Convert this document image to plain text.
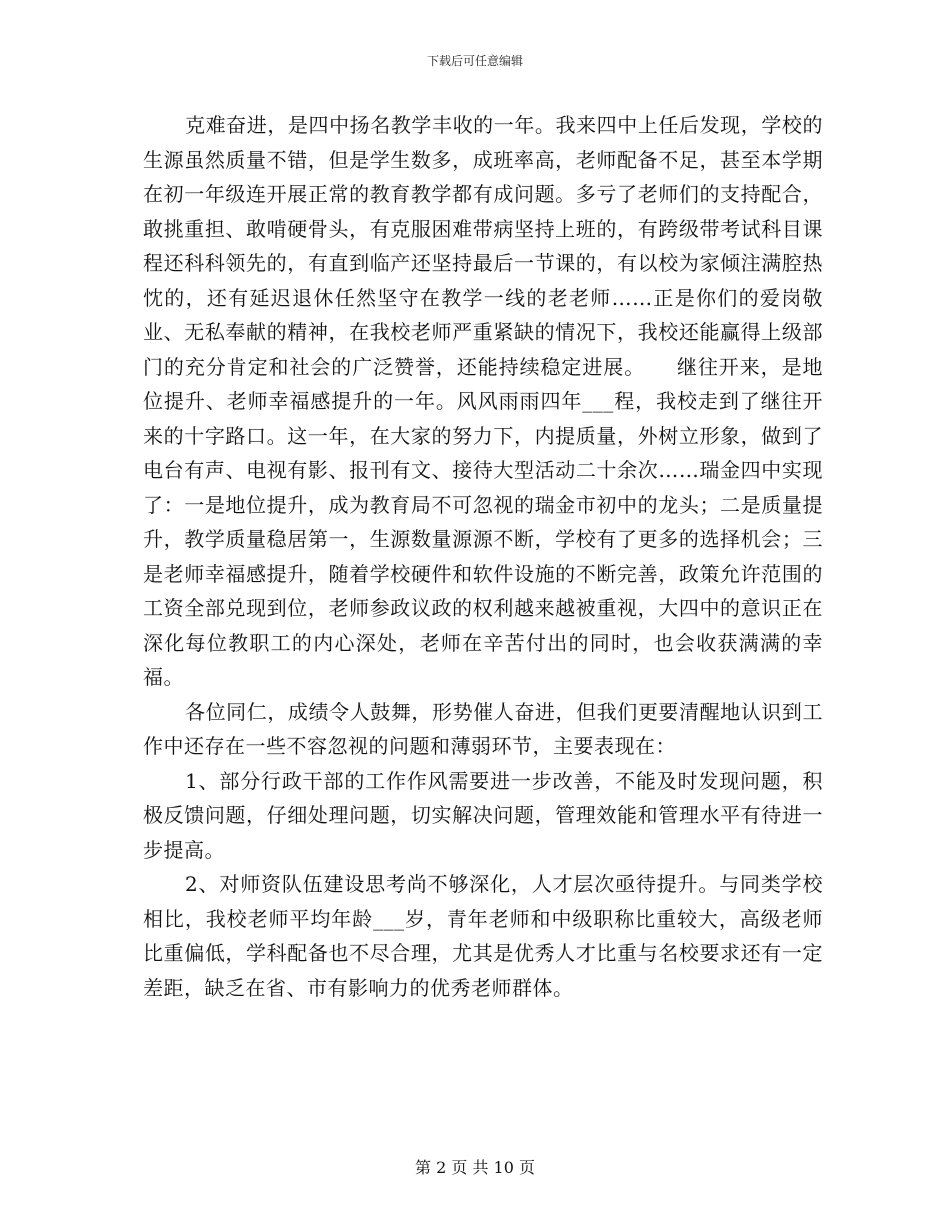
下载后可任意编辑

克难奋进，是四中扬名教学丰收的一年。我来四中上任后发现，学校的生源虽然质量不错，但是学生数多，成班率高，老师配备不足，甚至本学期在初一年级连开展正常的教育教学都有成问题。多亏了老师们的支持配合，敢挑重担、敢啃硬骨头，有克服困难带病坚持上班的，有跨级带考试科目课程还科科领先的，有直到临产还坚持最后一节课的，有以校为家倾注满腔热忱的，还有延迟退休任然坚守在教学一线的老老师……正是你们的爱岗敬业、无私奉献的精神，在我校老师严重紧缺的情况下，我校还能赢得上级部门的充分肯定和社会的广泛赞誉，还能持续稳定进展。　　继往开来，是地位提升、老师幸福感提升的一年。风风雨雨四年___程，我校走到了继往开来的十字路口。这一年，在大家的努力下，内提质量，外树立形象，做到了电台有声、电视有影、报刊有文、接待大型活动二十余次……瑞金四中实现了：一是地位提升，成为教育局不可忽视的瑞金市初中的龙头；二是质量提升，教学质量稳居第一，生源数量源源不断，学校有了更多的选择机会；三是老师幸福感提升，随着学校硬件和软件设施的不断完善，政策允许范围的工资全部兑现到位，老师参政议政的权利越来越被重视，大四中的意识正在深化每位教职工的内心深处，老师在辛苦付出的同时，也会收获满满的幸福。

各位同仁，成绩令人鼓舞，形势催人奋进，但我们更要清醒地认识到工作中还存在一些不容忽视的问题和薄弱环节，主要表现在：

1、部分行政干部的工作作风需要进一步改善，不能及时发现问题，积极反馈问题，仔细处理问题，切实解决问题，管理效能和管理水平有待进一步提高。

2、对师资队伍建设思考尚不够深化，人才层次亟待提升。与同类学校相比，我校老师平均年龄___岁，青年老师和中级职称比重较大，高级老师比重偏低，学科配备也不尽合理，尤其是优秀人才比重与名校要求还有一定差距，缺乏在省、市有影响力的优秀老师群体。

第 2 页 共 10 页
